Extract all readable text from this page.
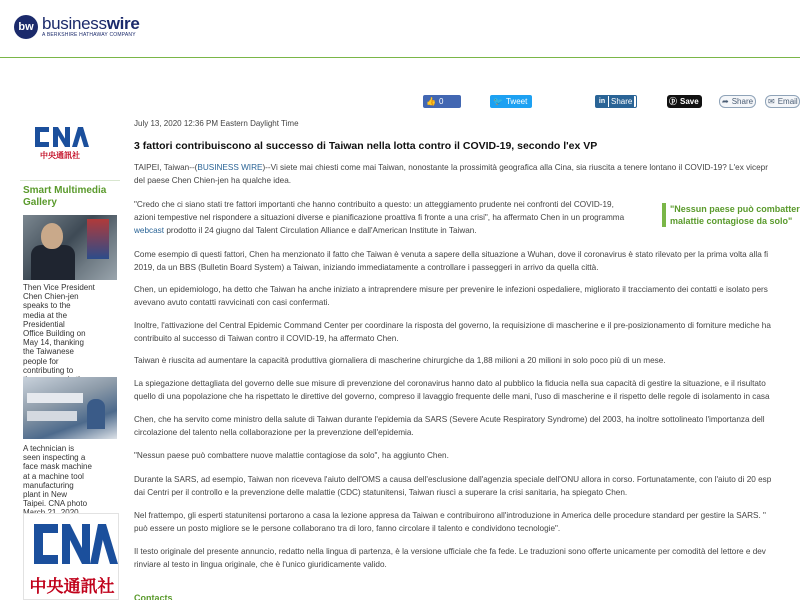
bw businesswire
A BERKSHIRE HATHAWAY COMPANY
👍 0	🐦 Tweet	in Share	ⓟ Save	➦ Share ✉ Email
中央通訊社
Smart Multimedia Gallery
Then Vice President
Chen Chien-jen
speaks to the
media at the
Presidential
Office Building on
May 14, thanking
the Taiwanese
people for
contributing to
A technician is
seen inspecting a
face mask machine
at a machine tool
manufacturing
plant in New
Taipei. CNA photo
中央通訊社
July 13, 2020 12:36 PM Eastern Daylight Time
3 fattori contribuiscono al successo di Taiwan nella lotta contro il COVID-19, secondo l'ex VP
TAIPEI, Taiwan--(BUSINESS WIRE)--Vi siete mai chiesti come mai Taiwan, nonostante la prossimità geografica alla Cina, sia riuscita a tenere lontano il COVID-19? L'ex vicepr
del paese Chen Chien-jen ha qualche idea.
"Credo che ci siano stati tre fattori importanti che hanno contribuito a questo: un atteggiamento prudente nei confronti del COVID-19,
azioni tempestive nel rispondere a situazioni diverse e pianificazione proattiva fi fronte a una crisi", ha affermato Chen in un programma
webcast prodotto il 24 giugno dal Talent Circulation Alliance e dall'American Institute in Taiwan.
Come esempio di questi fattori, Chen ha menzionato il fatto che Taiwan è venuta a sapere della situazione a Wuhan, dove il coronavirus è stato rilevato per la prima volta alla fi
2019, da un BBS (Bulletin Board System) a Taiwan, iniziando immediatamente a controllare i passeggeri in arrivo da quella città.
Chen, un epidemiologo, ha detto che Taiwan ha anche iniziato a intraprendere misure per prevenire le infezioni ospedaliere, migliorato il tracciamento dei contatti e isolato pers
avevano avuto contatti ravvicinati con casi confermati.
Inoltre, l'attivazione del Central Epidemic Command Center per coordinare la risposta del governo, la requisizione di mascherine e il pre-posizionamento di forniture mediche ha
contribuito al successo di Taiwan contro il COVID-19, ha affermato Chen.
Taiwan è riuscita ad aumentare la capacità produttiva giornaliera di mascherine chirurgiche da 1,88 milioni a 20 milioni in solo poco più di un mese.
La spiegazione dettagliata del governo delle sue misure di prevenzione del coronavirus hanno dato al pubblico la fiducia nella sua capacità di gestire la situazione, e il risultato
quello di una popolazione che ha rispettato le direttive del governo, compreso il lavaggio frequente delle mani, l'uso di mascherine e il rispetto delle regole di isolamento in casa
Chen, che ha servito come ministro della salute di Taiwan durante l'epidemia da SARS (Severe Acute Respiratory Syndrome) del 2003, ha inoltre sottolineato l'importanza dell
circolazione del talento nella collaborazione per la prevenzione dell'epidemia.
"Nessun paese può combattere nuove malattie contagiose da solo", ha aggiunto Chen.
Durante la SARS, ad esempio, Taiwan non riceveva l'aiuto dell'OMS a causa dell'esclusione dall'agenzia speciale dell'ONU allora in corso. Fortunatamente, con l'aiuto di 20 esp
dai Centri per il controllo e la prevenzione delle malattie (CDC) statunitensi, Taiwan riuscì a superare la crisi sanitaria, ha spiegato Chen.
Nel frattempo, gli esperti statunitensi portarono a casa la lezione appresa da Taiwan e contribuirono all'introduzione in America delle procedure standard per gestire la SARS. "
può essere un posto migliore se le persone collaborano tra di loro, fanno circolare il talento e condividono tecnologie".
Il testo originale del presente annuncio, redatto nella lingua di partenza, è la versione ufficiale che fa fede. Le traduzioni sono offerte unicamente per comodità del lettore e dev
rinviare al testo in lingua originale, che è l'unico giuridicamente valido.
Contacts
"Nessun paese può combatter malattie contagiose da solo"
